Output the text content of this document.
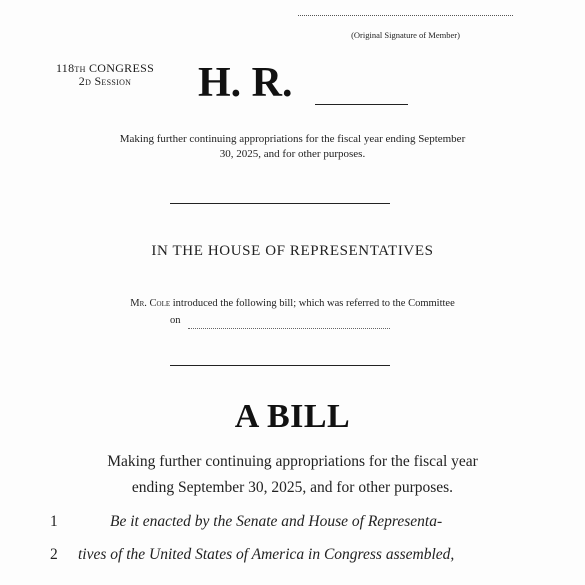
(Original Signature of Member)
118th CONGRESS
2d Session	H. R.
Making further continuing appropriations for the fiscal year ending September
30, 2025, and for other purposes.
IN THE HOUSE OF REPRESENTATIVES
Mr. Cole introduced the following bill; which was referred to the Committee
on
A BILL
Making further continuing appropriations for the fiscal year
ending September 30, 2025, and for other purposes.
1	Be it enacted by the Senate and House of Representa-
2 tives of the United States of America in Congress assembled,
